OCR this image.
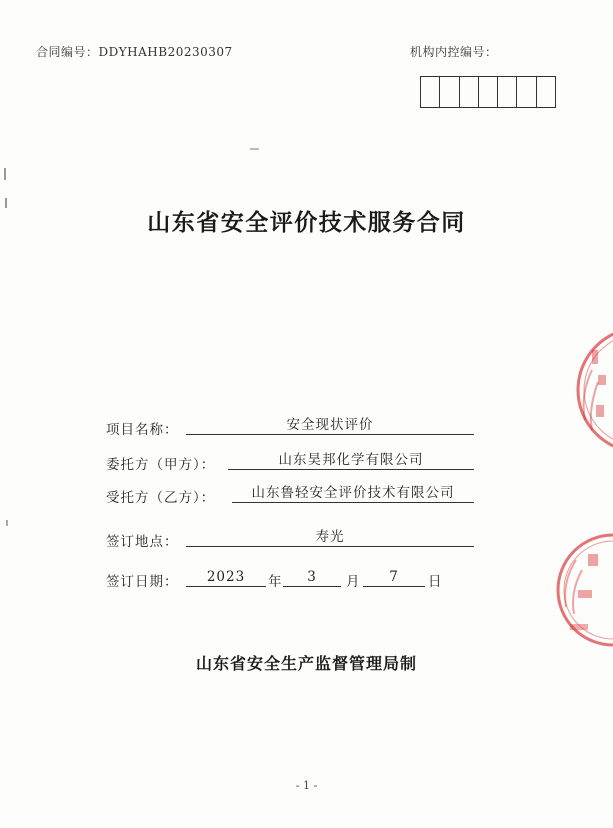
合同编号：DDYHAHB20230307	机构内控编号：
山东省安全评价技术服务合同
项目名称：	安全现状评价
委托方（甲方）：	山东昊邦化学有限公司
受托方（乙方）：	山东鲁轻安全评价技术有限公司
签订地点：	寿光
签订日期：	2023	年	3	月	7	日
山东省安全生产监督管理局制
- 1 -
